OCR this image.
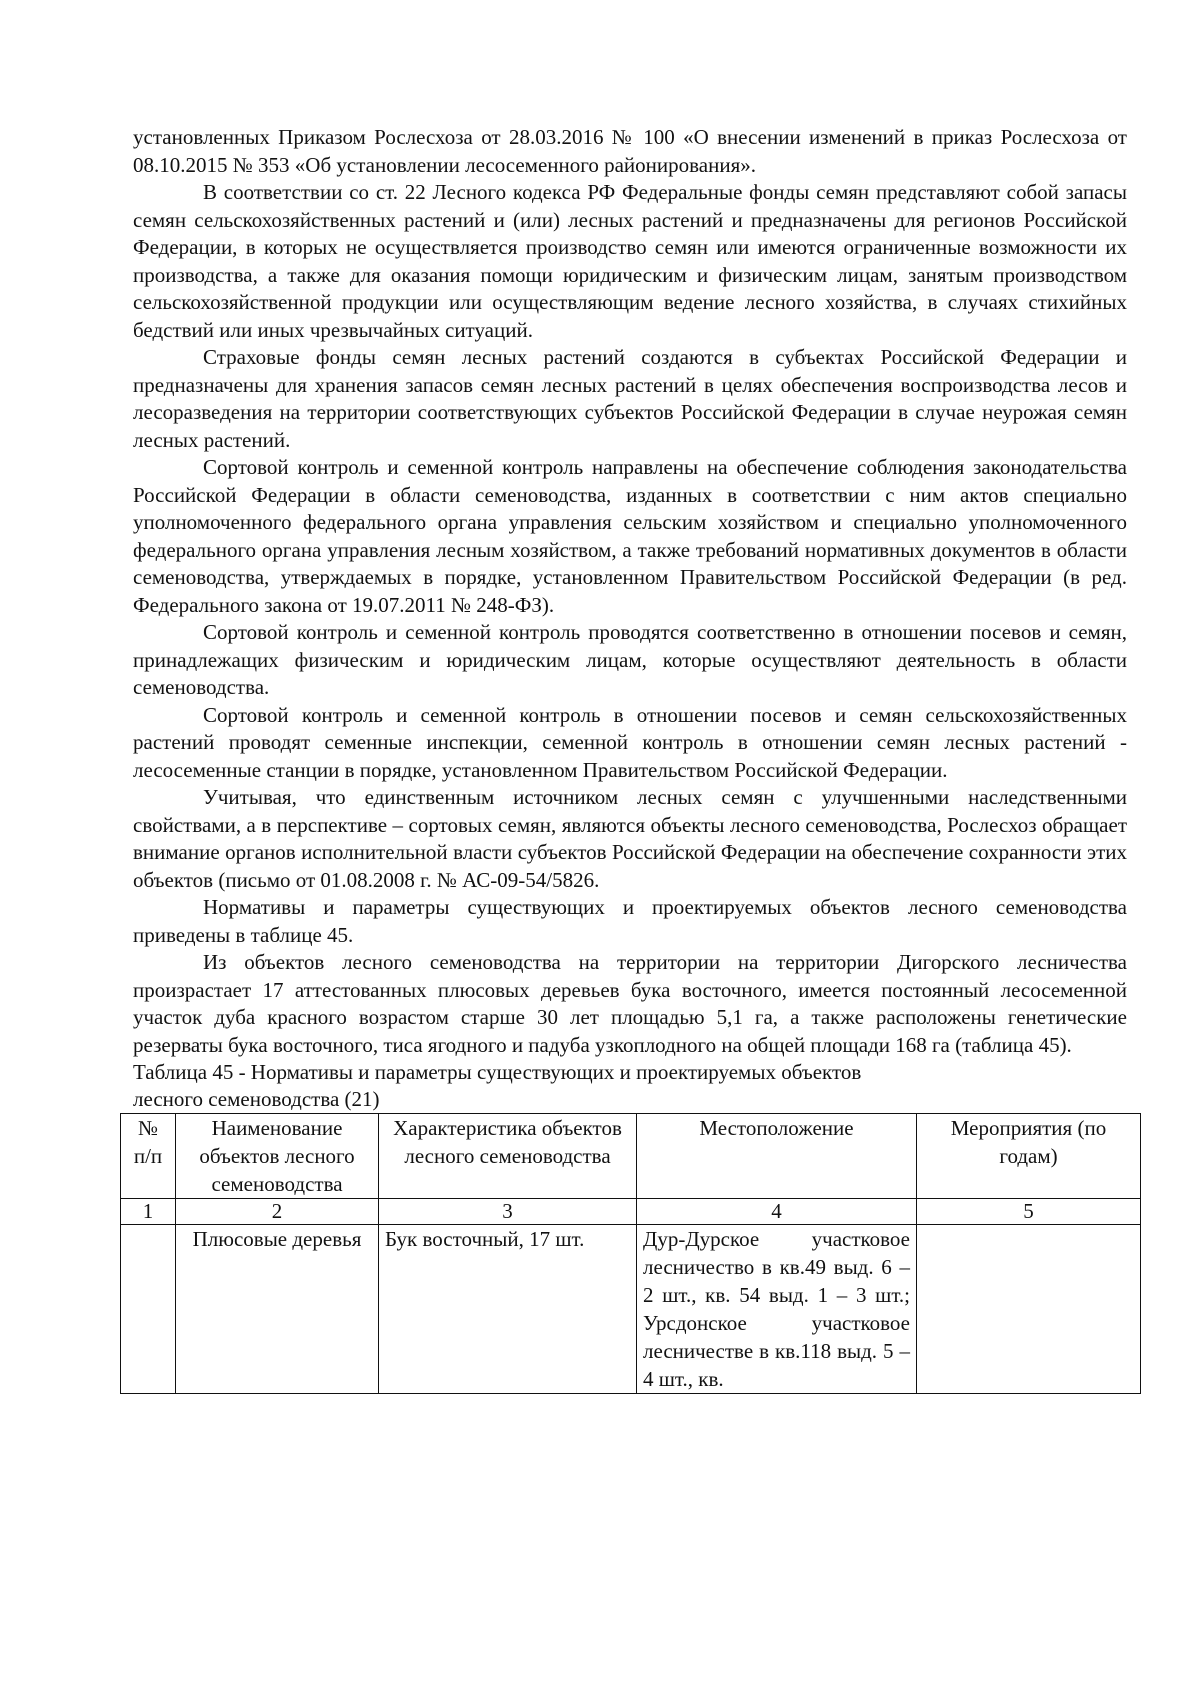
установленных Приказом Рослесхоза от 28.03.2016 № 100 «О внесении изменений в приказ Рослесхоза от 08.10.2015 № 353 «Об установлении лесосеменного районирования».

В соответствии со ст. 22 Лесного кодекса РФ Федеральные фонды семян представляют собой запасы семян сельскохозяйственных растений и (или) лесных растений и предназначены для регионов Российской Федерации, в которых не осуществляется производство семян или имеются ограниченные возможности их производства, а также для оказания помощи юридическим и физическим лицам, занятым производством сельскохозяйственной продукции или осуществляющим ведение лесного хозяйства, в случаях стихийных бедствий или иных чрезвычайных ситуаций.

Страховые фонды семян лесных растений создаются в субъектах Российской Федерации и предназначены для хранения запасов семян лесных растений в целях обеспечения воспроизводства лесов и лесоразведения на территории соответствующих субъектов Российской Федерации в случае неурожая семян лесных растений.

Сортовой контроль и семенной контроль направлены на обеспечение соблюдения законодательства Российской Федерации в области семеноводства, изданных в соответствии с ним актов специально уполномоченного федерального органа управления сельским хозяйством и специально уполномоченного федерального органа управления лесным хозяйством, а также требований нормативных документов в области семеноводства, утверждаемых в порядке, установленном Правительством Российской Федерации (в ред. Федерального закона от 19.07.2011 № 248-ФЗ).

Сортовой контроль и семенной контроль проводятся соответственно в отношении посевов и семян, принадлежащих физическим и юридическим лицам, которые осуществляют деятельность в области семеноводства.

Сортовой контроль и семенной контроль в отношении посевов и семян сельскохозяйственных растений проводят семенные инспекции, семенной контроль в отношении семян лесных растений - лесосеменные станции в порядке, установленном Правительством Российской Федерации.

Учитывая, что единственным источником лесных семян с улучшенными наследственными свойствами, а в перспективе – сортовых семян, являются объекты лесного семеноводства, Рослесхоз обращает внимание органов исполнительной власти субъектов Российской Федерации на обеспечение сохранности этих объектов (письмо от 01.08.2008 г. № АС-09-54/5826.

Нормативы и параметры существующих и проектируемых объектов лесного семеноводства приведены в таблице 45.

Из объектов лесного семеноводства на территории на территории Дигорского лесничества произрастает 17 аттестованных плюсовых деревьев бука восточного, имеется постоянный лесосеменной участок дуба красного возрастом старше 30 лет площадью 5,1 га, а также расположены генетические резерваты бука восточного, тиса ягодного и падуба узкоплодного на общей площади 168 га (таблица 45).

Таблица 45 - Нормативы и параметры существующих и проектируемых объектов

лесного семеноводства (21)

№ п/п	Наименование объектов лесного семеноводства	Характеристика объектов лесного семеноводства	Местоположение	Мероприятия (по годам)
1	2	3	4	5
	Плюсовые деревья	Бук восточный, 17 шт.	Дур-Дурское участковое лесничество в кв.49 выд. 6 – 2 шт., кв. 54 выд. 1 – 3 шт.; Урсдонское участковое лесничестве в кв.118 выд. 5 – 4 шт., кв.	
